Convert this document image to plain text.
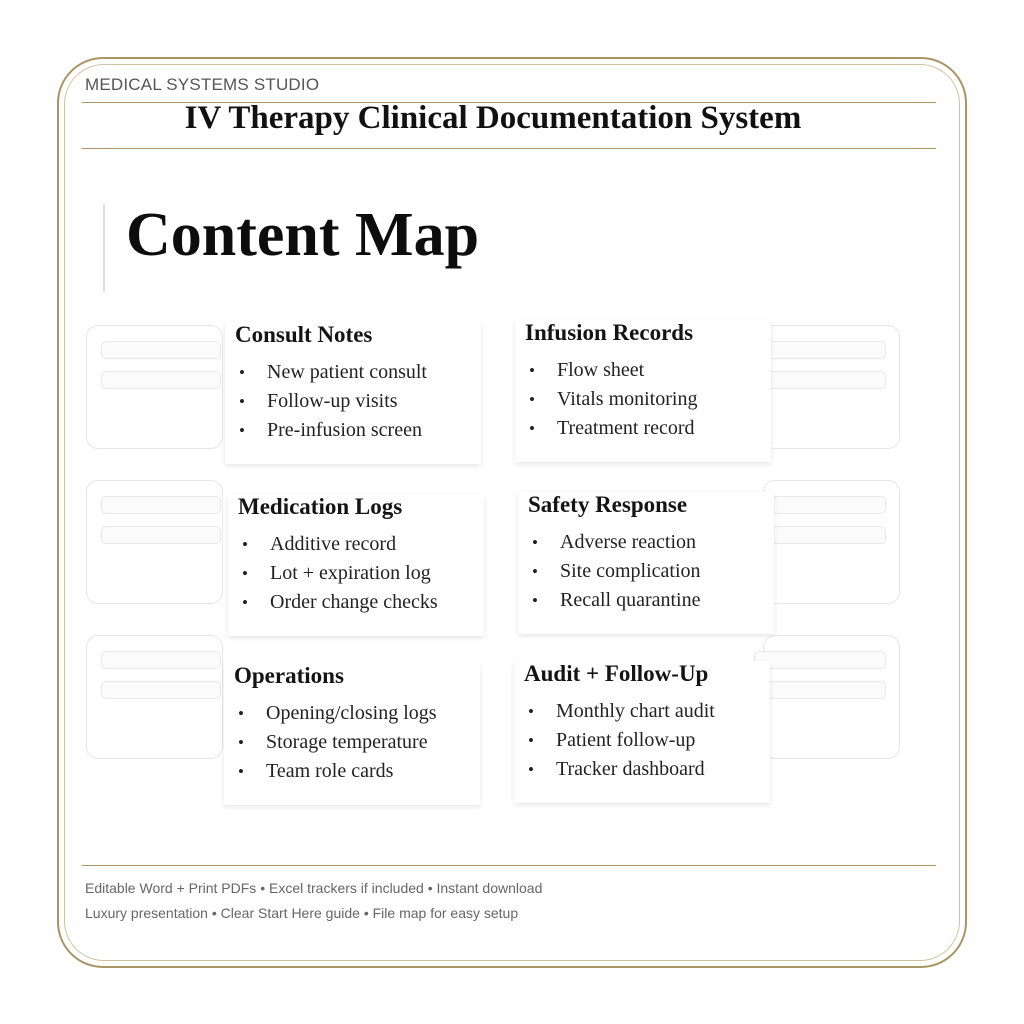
MEDICAL SYSTEMS STUDIO
IV Therapy Clinical Documentation System
Content Map
Consult Notes
• New patient consult
• Follow-up visits
• Pre-infusion screen
Infusion Records
• Flow sheet
• Vitals monitoring
• Treatment record
Medication Logs
• Additive record
• Lot + expiration log
• Order change checks
Safety Response
• Adverse reaction
• Site complication
• Recall quarantine
Operations
• Opening/closing logs
• Storage temperature
• Team role cards
Audit + Follow-Up
• Monthly chart audit
• Patient follow-up
• Tracker dashboard
Editable Word + Print PDFs • Excel trackers if included • Instant download
Luxury presentation • Clear Start Here guide • File map for easy setup
